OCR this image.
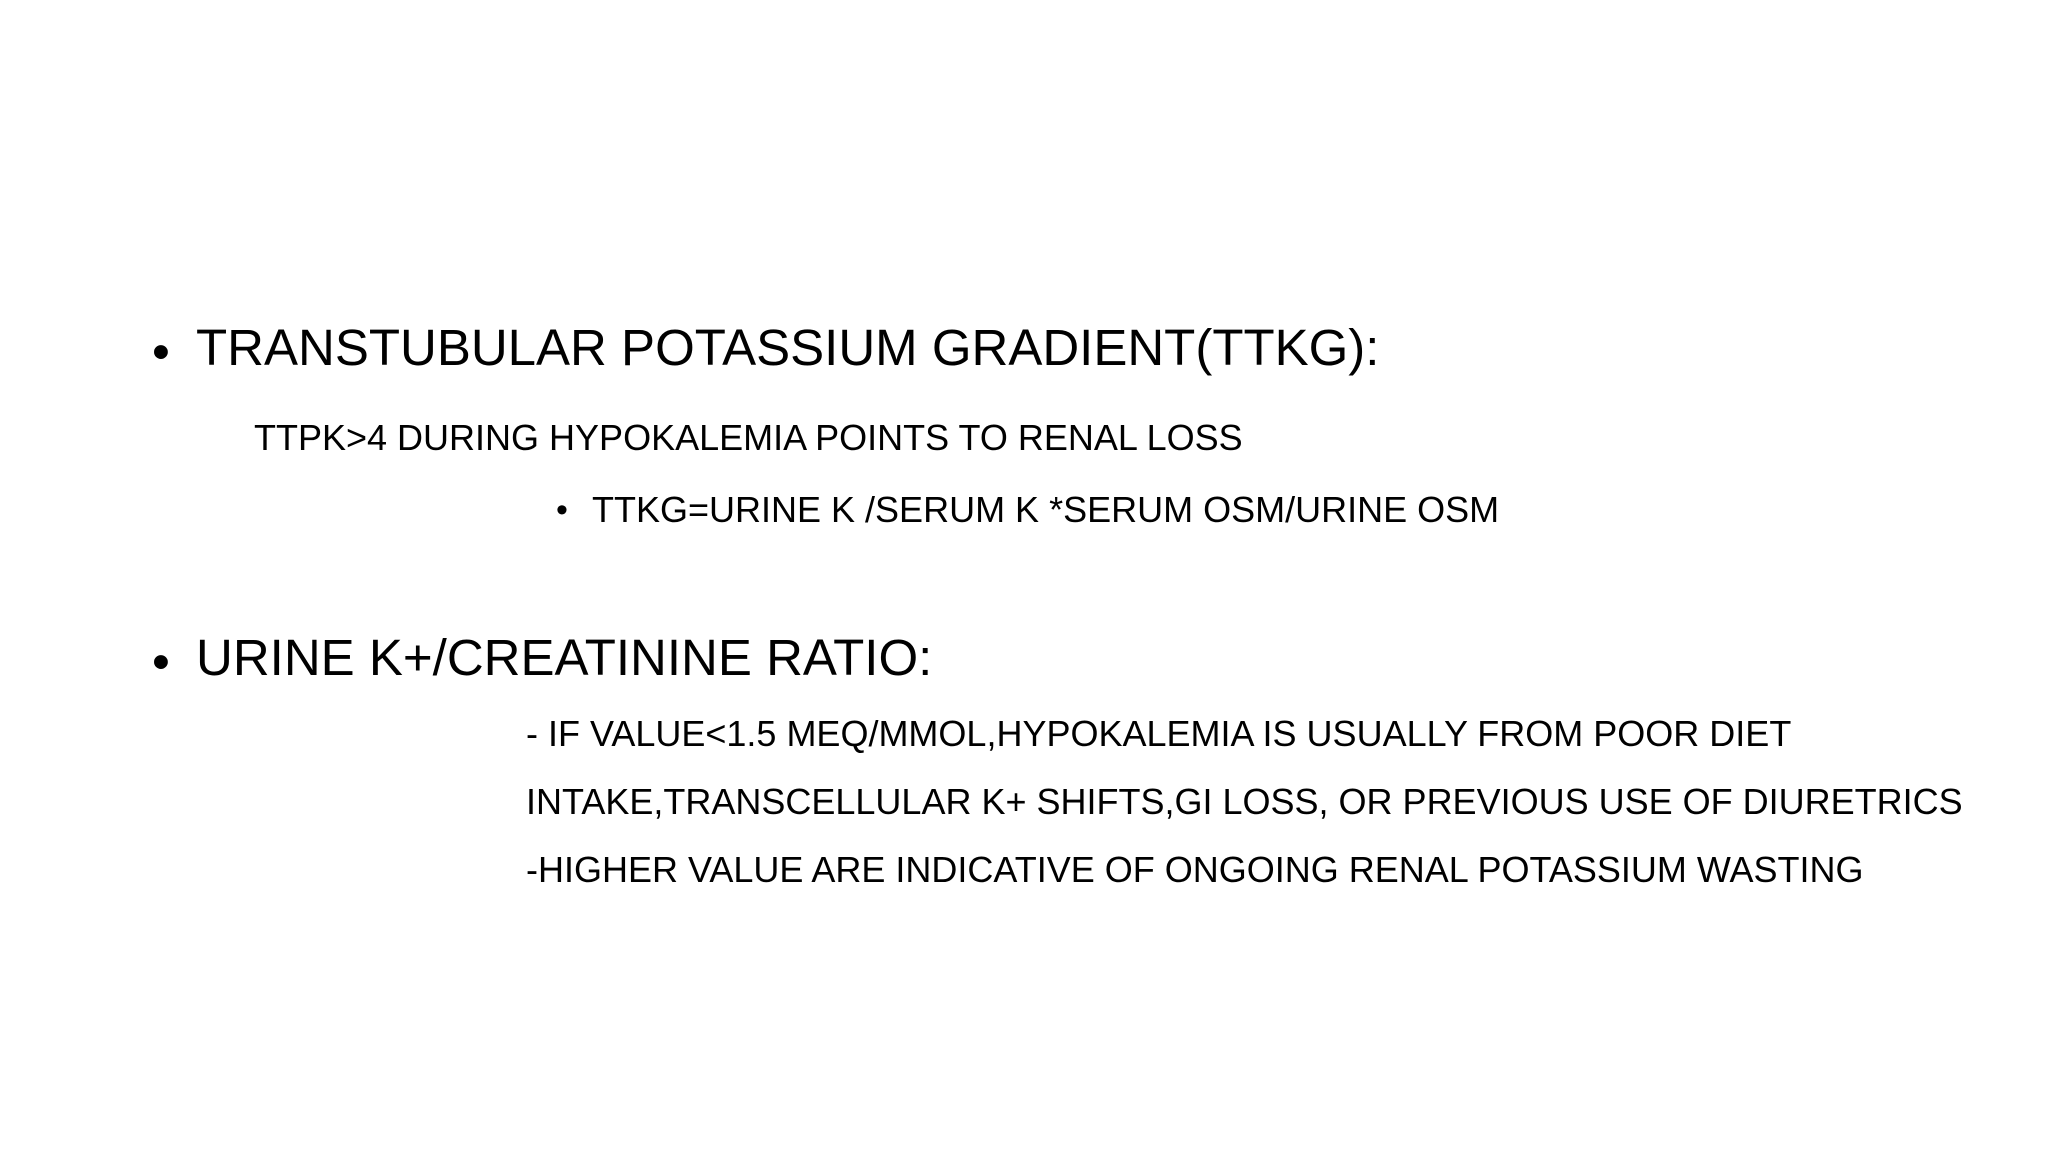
• TRANSTUBULAR POTASSIUM GRADIENT(TTKG):
TTPK>4 DURING HYPOKALEMIA POINTS TO RENAL LOSS
• TTKG=URINE K /SERUM K *SERUM OSM/URINE OSM
• URINE K+/CREATININE RATIO:
- IF VALUE<1.5 MEQ/MMOL,HYPOKALEMIA IS USUALLY FROM POOR DIET
INTAKE,TRANSCELLULAR K+ SHIFTS,GI LOSS, OR PREVIOUS USE OF DIURETRICS
-HIGHER VALUE ARE INDICATIVE OF ONGOING RENAL POTASSIUM WASTING
